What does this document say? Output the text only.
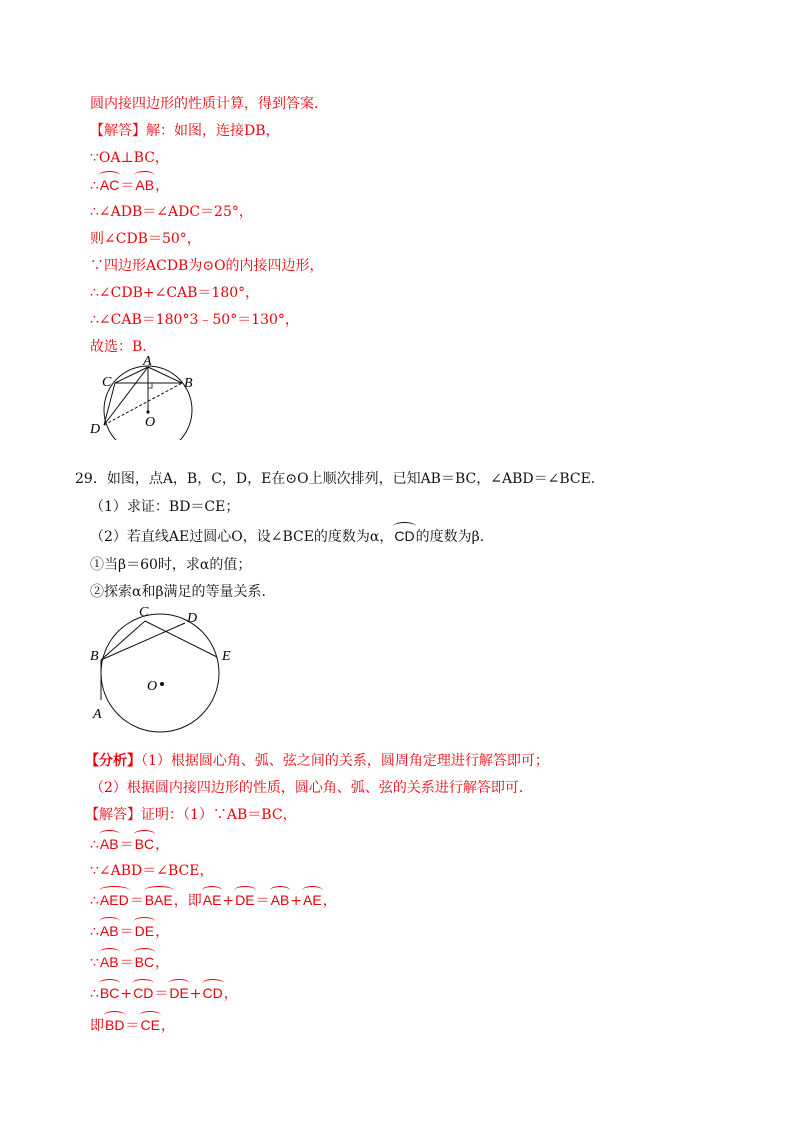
圆内接四边形的性质计算，得到答案．
【解答】解：如图，连接DB，
∵OA⊥BC，
∴AC＝AB，
∴∠ADB＝∠ADC＝25°，
则∠CDB＝50°，
∵四边形ACDB为⊙O的内接四边形，
∴∠CDB+∠CAB＝180°，
∴∠CAB＝180°3﹣50°＝130°，
故选：B．
A
C	B
D	O
29．如图，点A，B，C，D，E在⊙O上顺次排列，已知AB＝BC，∠ABD＝∠BCE．
（1）求证：BD＝CE；
（2）若直线AE过圆心O，设∠BCE的度数为α，CD的度数为β．
①当β＝60时，求α的值；
②探索α和β满足的等量关系．
C	D
B	E
O
A
【分析】（1）根据圆心角、弧、弦之间的关系，圆周角定理进行解答即可；
（2）根据圆内接四边形的性质，圆心角、弧、弦的关系进行解答即可．
【解答】证明：（1）∵AB＝BC，
∴AB＝BC，
∵∠ABD＝∠BCE，
∴AED＝BAE，即AE+DE＝AB+AE，
∴AB＝DE，
∵AB＝BC，
∴BC+CD＝DE+CD，
即BD＝CE，
